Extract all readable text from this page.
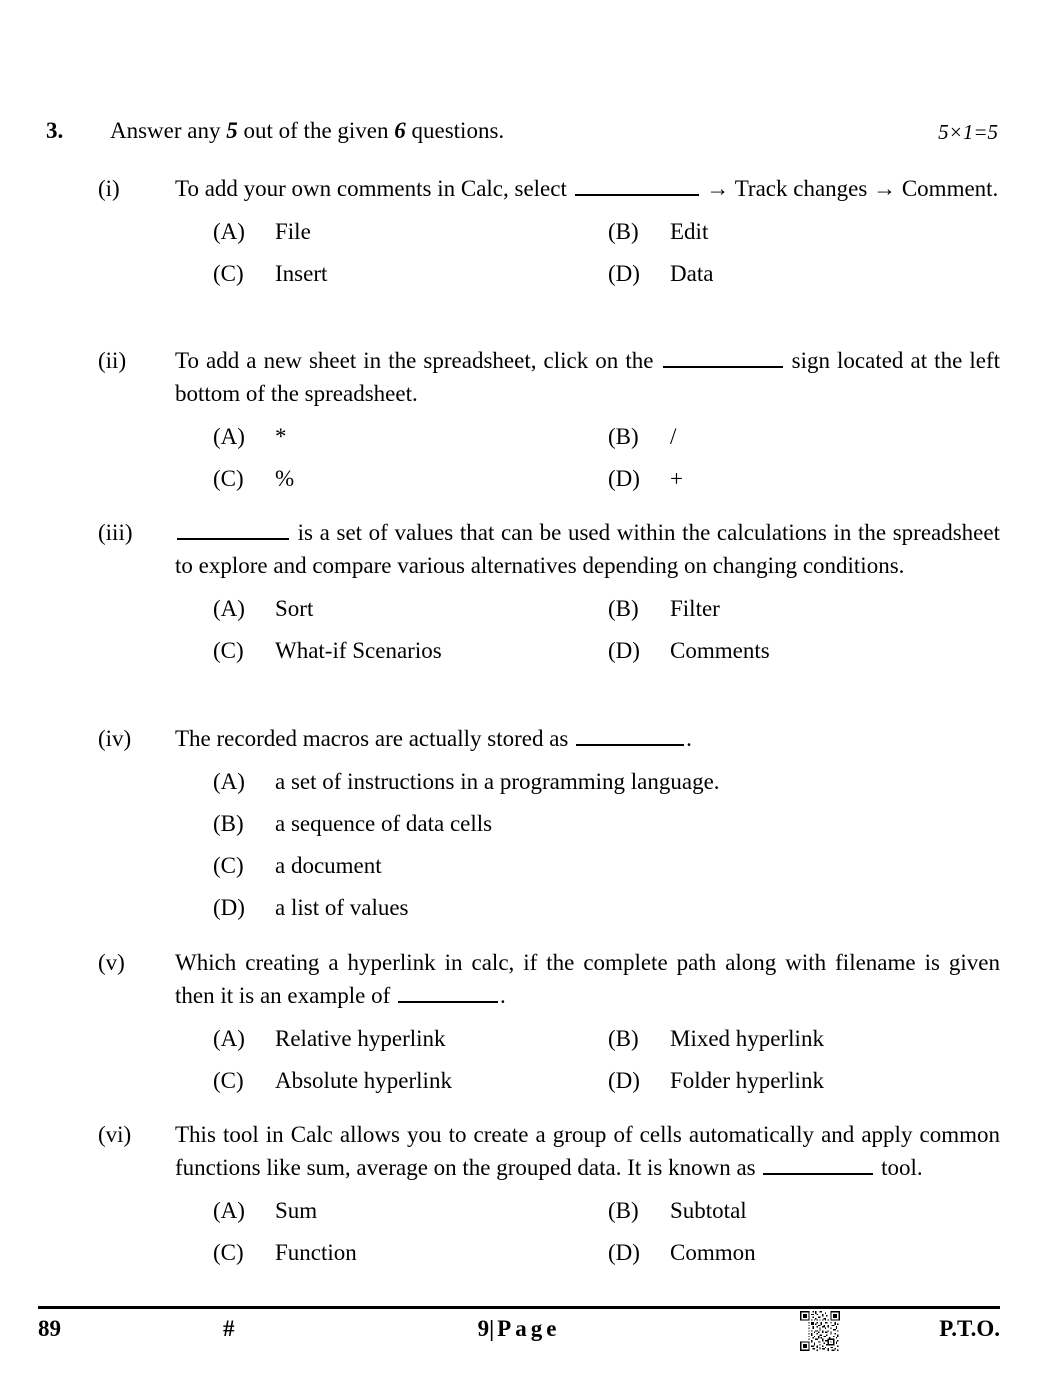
3. Answer any 5 out of the given 6 questions.	5×1=5
(i)	To add your own comments in Calc, select	→ Track changes → Comment.
(A) File	(B) Edit
(C) Insert	(D) Data
(ii)	To add a new sheet in the spreadsheet, click on the	sign located at the left bottom of the spreadsheet.
(A) *	(B) /
(C) %	(D) +
(iii)	is a set of values that can be used within the calculations in the spreadsheet to explore and compare various alternatives depending on changing conditions.
(A) Sort	(B) Filter
(C) What-if Scenarios	(D) Comments
(iv)	The recorded macros are actually stored as	.
(A) a set of instructions in a programming language.
(B) a sequence of data cells
(C) a document
(D) a list of values
(v)	Which creating a hyperlink in calc, if the complete path along with filename is given then it is an example of	.
(A) Relative hyperlink	(B) Mixed hyperlink
(C) Absolute hyperlink	(D) Folder hyperlink
(vi)	This tool in Calc allows you to create a group of cells automatically and apply common functions like sum, average on the grouped data. It is known as	tool.
(A) Sum	(B) Subtotal
(C) Function	(D) Common
89	#	9| Page	P.T.O.
